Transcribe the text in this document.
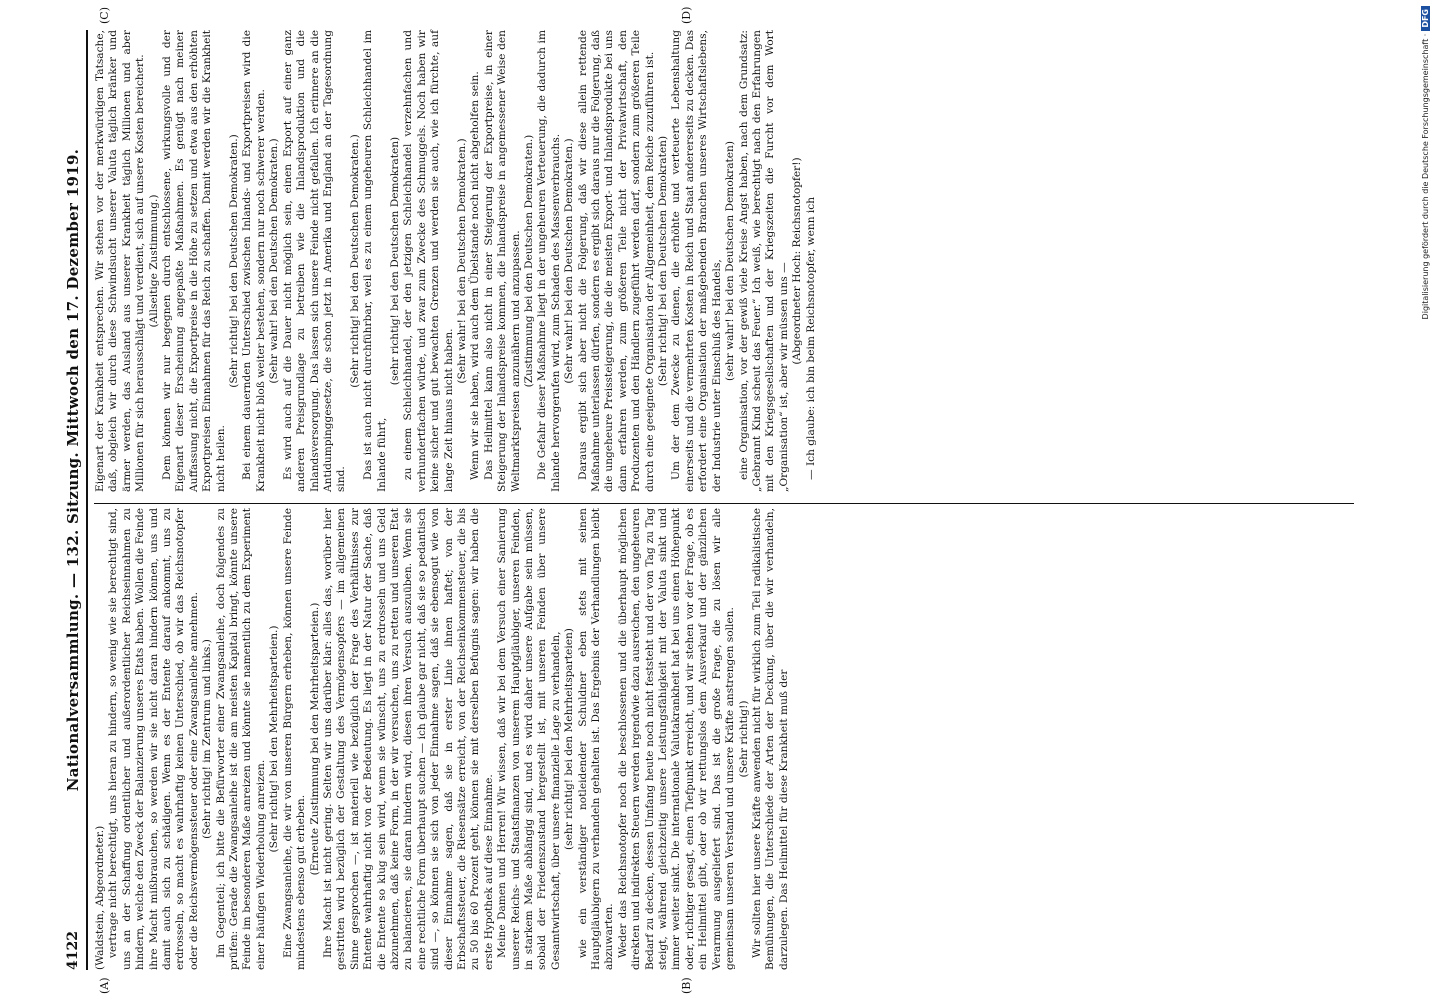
4122
Nationalversammlung. — 132. Sitzung. Mittwoch den 17. Dezember 1919.
(A)	(B)
(C)	(D)

(Waldstein, Abgeordneter.) vertrage nicht berechtigt, uns hieran zu hindern, so wenig wie sie berechtigt sind, uns an der Schaffung ordentlicher und außerordentlicher Reichseinnahmen zu hindern, welche den Zweck der Balanzierung unseres Etats haben. Wollen die Feinde ihre Macht mißbrauchen, so werden wir sie nicht daran hindern können, uns und damit auch sich zu schädigen. Wenn es der Entente darauf ankommt, uns zu erdrosseln, so macht es wahrhaftig keinen Unterschied, ob wir das Reichsnotopfer oder die Reichsvermögenssteuer oder eine Zwangsanleihe annehmen. (Sehr richtig! im Zentrum und links.) Im Gegenteil; ich bitte die Befürworter einer Zwangsanleihe, doch folgendes zu prüfen: Gerade die Zwangsanleihe ist die am meisten Kapital bringt, könnte unsere Feinde im besonderen Maße anreizen und könnte sie namentlich zu dem Experiment einer häufigen Wiederholung anreizen.

(Sehr richtig! bei den Mehrheitsparteien.) Eine Zwangsanleihe, die wir von unseren Bürgern erheben, können unsere Feinde mindestens ebenso gut erheben.

(Erneute Zustimmung bei den Mehrheitsparteien.) Ihre Macht ist nicht gering. Selten wir uns darüber klar: alles das, worüber hier gestritten wird bezüglich der Gestaltung des Vermögensopfers — im allgemeinen Sinne gesprochen —, ist materiell wie bezüglich der Frage des Verhältnisses zur Entente wahrhaftig nicht von der Bedeutung. Es liegt in der Natur der Sache, daß die Entente so klug sein wird, wenn sie wünscht, uns zu erdrosseln und uns Geld abzunehmen, daß keine Form, in der wir versuchen, uns zu retten und unseren Etat zu balancieren, sie daran hindern wird, diesen ihren Versuch auszuüben. Wenn sie eine rechtliche Form überhaupt suchen — ich glaube gar nicht, daß sie so pedantisch sind —, so können sie sich von jeder Einnahme sagen, daß sie ebensogut wie von dieser Einnahme sagen, daß sie in erster Linie ihnen haftet; von der Erbschaftssteuer, die Riesensätze erreicht, von der Reichseinkommensteuer, die bis zu 50 bis 60 Prozent geht, können sie mit derselben Befugnis sagen: wir haben die erste Hypothek auf diese Einnahme. Meine Damen und Herren! Wir wissen, daß wir bei dem Versuch einer Sanierung unserer Reichs- und Staatsfinanzen von unserem Hauptgläubiger, unseren Feinden, in starkem Maße abhängig sind, und es wird daher unsere Aufgabe sein müssen, sobald der Friedenszustand hergestellt ist, mit unseren Feinden über unsere Gesamtwirtschaft, über unsere finanzielle Lage zu verhandeln, (sehr richtig! bei den Mehrheitsparteien) wie ein verständiger notleidender Schuldner eben stets mit seinen Hauptgläubigern zu verhandeln gehalten ist. Das Ergebnis der Verhandlungen bleibt abzuwarten. Weder das Reichsnotopfer noch die beschlossenen und die überhaupt möglichen direkten und indirekten Steuern werden irgendwie dazu ausreichen, den ungeheuren Bedarf zu decken, dessen Umfang heute noch nicht feststeht und der von Tag zu Tag steigt, während gleichzeitig unsere Leistungsfähigkeit mit der Valuta sinkt und immer weiter sinkt. Die internationale Valutakrankheit hat bei uns einen Höhepunkt oder, richtiger gesagt, einen Tiefpunkt erreicht, und wir stehen vor der Frage, ob es ein Heilmittel gibt, oder ob wir rettungslos dem Ausverkauf und der gänzlichen Verarmung ausgeliefert sind. Das ist die große Frage, die zu lösen wir alle gemeinsam unseren Verstand und unsere Kräfte anstrengen sollen. (Sehr richtig!) Wir sollten hier unsere Kräfte anwenden nicht für wirklich zum Teil radikalistische Bemühungen, die Unterschiede der Arten der Deckung, über die wir verhandeln, darzulegen. Das Heilmittel für diese Krankheit muß der

Eigenart der Krankheit entsprechen. Wir stehen vor der merkwürdigen Tatsache, daß, obgleich wir durch diese Schwindsucht unserer Valuta täglich kränker und ärmer werden, das Ausland aus unserer Krankheit täglich Millionen und aber Millionen für sich herausschlägt und verdient, sich auf unsere Kosten bereichert. (Allseitige Zustimmung.) Dem können wir nur begegnen durch entschlossene, wirkungsvolle und der Eigenart dieser Erscheinung angepaßte Maßnahmen. Es genügt nach meiner Auffassung nicht, die Exportpreise in die Höhe zu setzen und etwa aus den erhöhten Exportpreisen Einnahmen für das Reich zu schaffen. Damit werden wir die Krankheit nicht heilen.

(Sehr richtig! bei den Deutschen Demokraten.) Bei einem dauernden Unterschied zwischen Inlands- und Exportpreisen wird die Krankheit nicht bloß weiter bestehen, sondern nur noch schwerer werden. (Sehr wahr! bei den Deutschen Demokraten.) Es wird auch auf die Dauer nicht möglich sein, einen Export auf einer ganz anderen Preisgrundlage zu betreiben wie die Inlandsproduktion und die Inlandsversorgung. Das lassen sich unsere Feinde nicht gefallen. Ich erinnere an die Antidumpinggesetze, die schon jetzt in Amerika und England an der Tagesordnung sind.

(Sehr richtig! bei den Deutschen Demokraten.) Das ist auch nicht durchführbar, weil es zu einem ungeheuren Schleichhandel im Inlande führt,

(sehr richtig! bei den Deutschen Demokraten) zu einem Schleichhandel, der den jetzigen Schleichhandel verzehnfachen und verhundertfachen würde, und zwar zum Zwecke des Schmuggels. Noch haben wir keine sicher und gut bewachten Grenzen und werden sie auch, wie ich fürchte, auf lange Zeit hinaus nicht haben.

(Sehr wahr! bei den Deutschen Demokraten.) Wenn wir sie haben, wird auch dem Übelstande noch nicht abgeholfen sein. Das Heilmittel kann also nicht in einer Steigerung der Exportpreise, in einer Steigerung der Inlandspreise kommen, die Inlandspreise in angemessener Weise den Weltmarktspreisen anzunähern und anzupassen. (Zustimmung bei den Deutschen Demokraten.) Die Gefahr dieser Maßnahme liegt in der ungeheuren Verteuerung, die dadurch im Inlande hervorgerufen wird, zum Schaden des Massenverbrauchs. (Sehr wahr! bei den Deutschen Demokraten.) Daraus ergibt sich aber nicht die Folgerung, daß wir diese allein rettende Maßnahme unterlassen dürfen, sondern es ergibt sich daraus nur die Folgerung, daß die ungeheure Preissteigerung, die die meisten Export- und Inlandsprodukte bei uns dann erfahren werden, zum größeren Teile nicht der Privatwirtschaft, den Produzenten und den Händlern zugeführt werden darf, sondern zum größeren Teile durch eine geeignete Organisation der Allgemeinheit, dem Reiche zuzuführen ist. (Sehr richtig! bei den Deutschen Demokraten) Um der dem Zwecke zu dienen, die erhöhte und verteuerte Lebenshaltung einerseits und die vermehrten Kosten in Reich und Staat andererseits zu decken. Das erfordert eine Organisation der maßgebenden Branchen unseres Wirtschaftslebens, der Industrie unter Einschluß des Handels, (sehr wahr! bei den Deutschen Demokraten) eine Organisation, vor der gewiß viele Kreise Angst haben, nach dem Grundsatz: „Gebrannt Kind scheut das Feuer.“ Ich weiß, wie berechtigt nach den Erfahrungen mit den Kriegsgesellschaften und der Kriegszeiten die Furcht vor dem Wort „Organisation“ ist, aber wir müssen uns —

(Abgeordneter Hoch: Reichsnotopfer!) — Ich glaube: ich bin beim Reichsnotopfer, wenn ich

Digitalisierung gefördert durch die Deutsche Forschungsgemeinschaft ·DFG
